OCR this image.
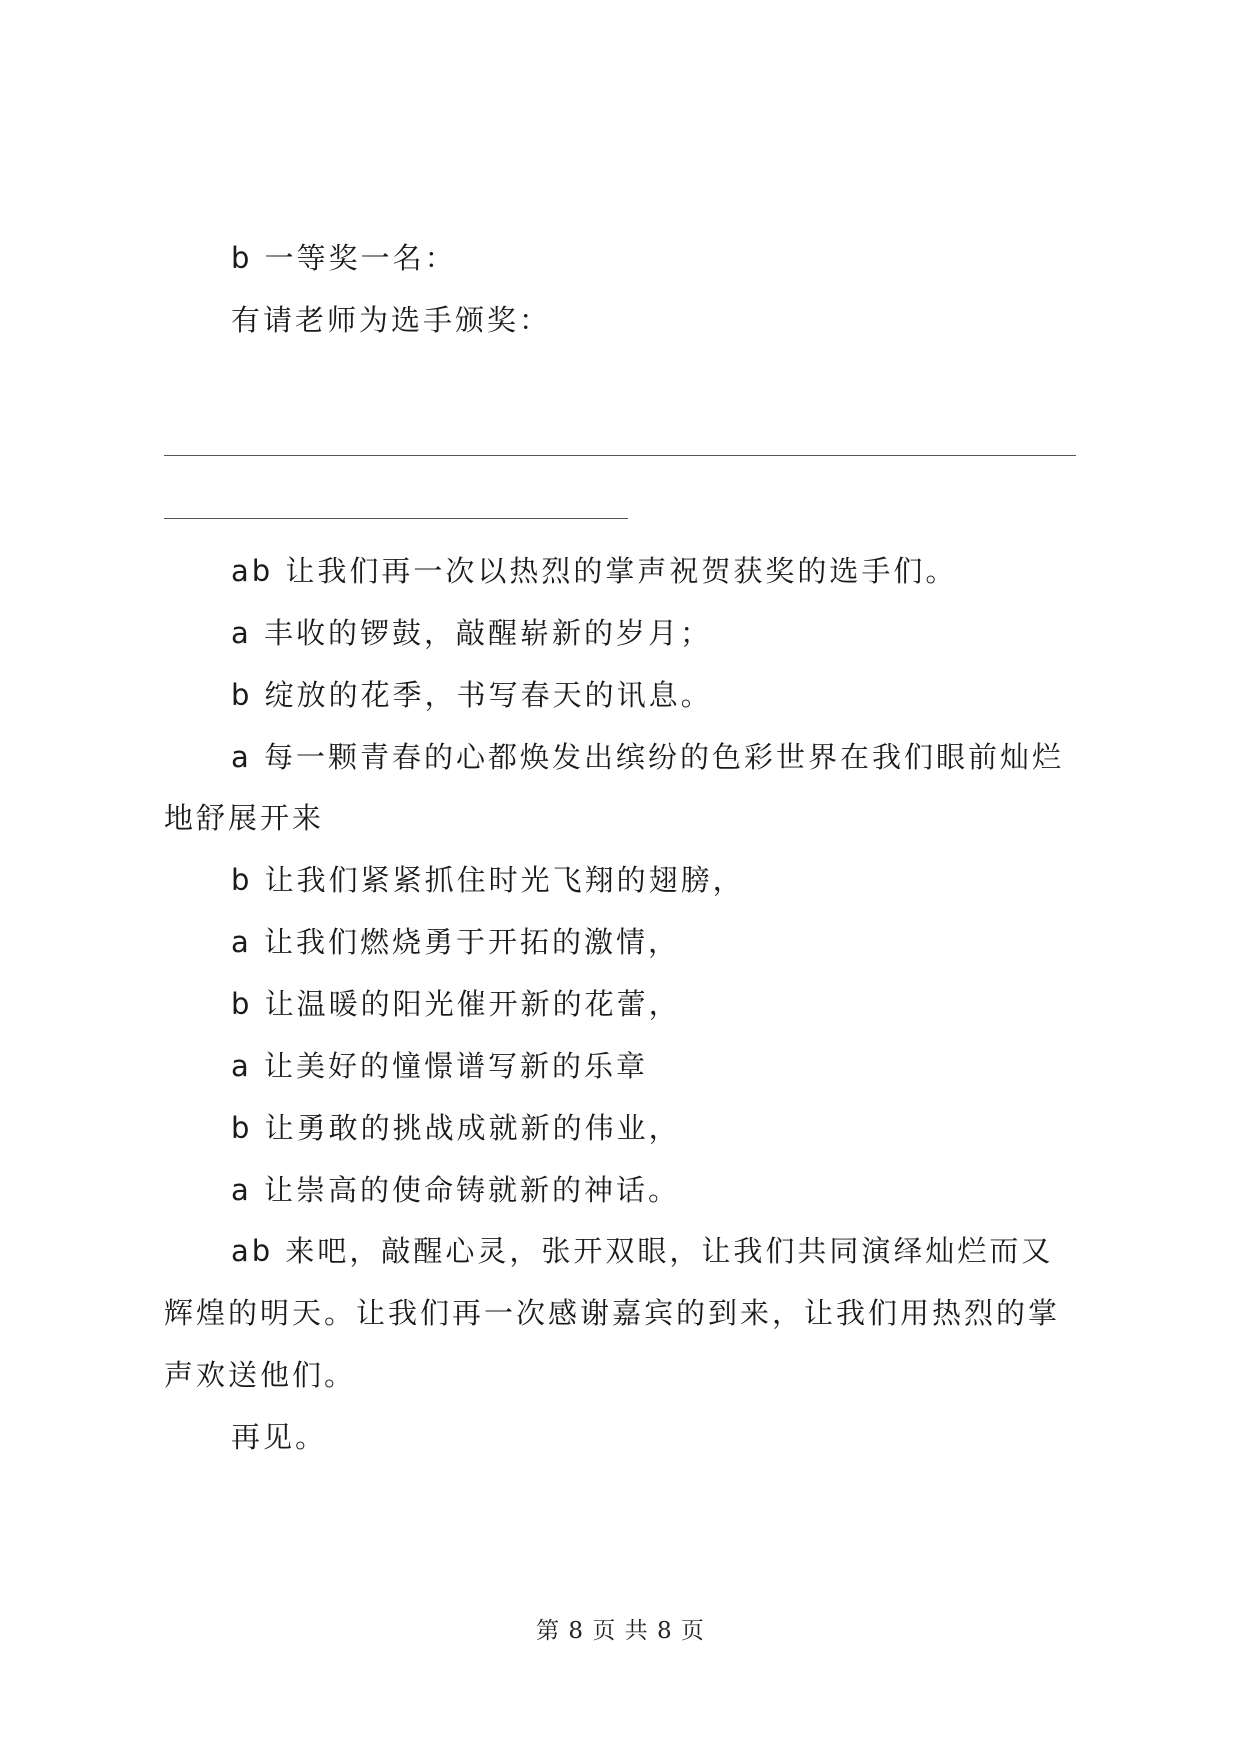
b 一等奖一名：
有请老师为选手颁奖：
ab 让我们再一次以热烈的掌声祝贺获奖的选手们。
a 丰收的锣鼓，敲醒崭新的岁月；
b 绽放的花季，书写春天的讯息。
a 每一颗青春的心都焕发出缤纷的色彩世界在我们眼前灿烂
地舒展开来
b 让我们紧紧抓住时光飞翔的翅膀，
a 让我们燃烧勇于开拓的激情，
b 让温暖的阳光催开新的花蕾，
a 让美好的憧憬谱写新的乐章
b 让勇敢的挑战成就新的伟业，
a 让崇高的使命铸就新的神话。
ab 来吧，敲醒心灵，张开双眼，让我们共同演绎灿烂而又
辉煌的明天。让我们再一次感谢嘉宾的到来，让我们用热烈的掌
声欢送他们。
再见。
第 8 页 共 8 页
